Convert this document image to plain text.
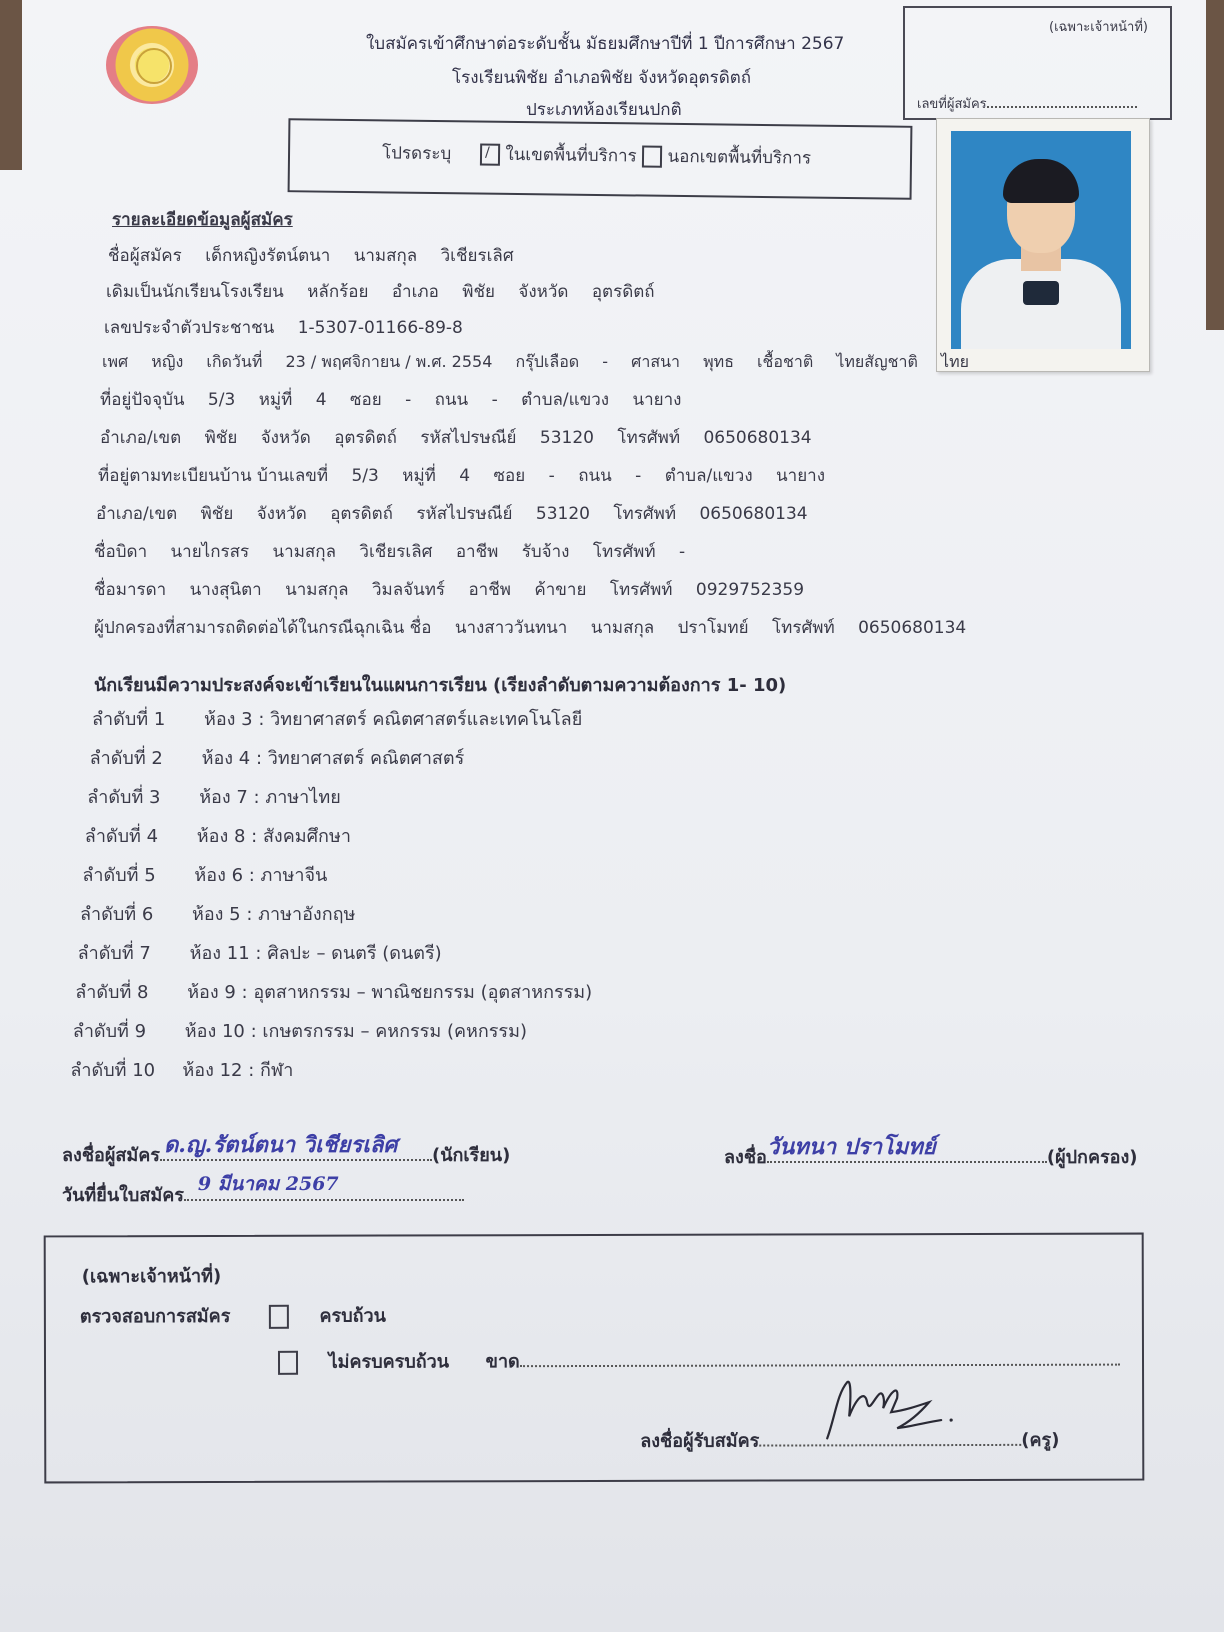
ใบสมัครเข้าศึกษาต่อระดับชั้น มัธยมศึกษาปีที่ 1 ปีการศึกษา 2567
โรงเรียนพิชัย อำเภอพิชัย จังหวัดอุตรดิตถ์
ประเภทห้องเรียนปกติ
(เฉพาะเจ้าหน้าที่)
เลขที่ผู้สมัคร
โปรดระบุ / ในเขตพื้นที่บริการ นอกเขตพื้นที่บริการ
รายละเอียดข้อมูลผู้สมัคร
ชื่อผู้สมัคร เด็กหญิงรัตน์ตนา นามสกุล วิเชียรเลิศ
เดิมเป็นนักเรียนโรงเรียน หลักร้อย อำเภอ พิชัย จังหวัด อุตรดิตถ์
เลขประจำตัวประชาชน 1-5307-01166-89-8
เพศ หญิง เกิดวันที่ 23 / พฤศจิกายน / พ.ศ. 2554 กรุ๊ปเลือด - ศาสนา พุทธ เชื้อชาติ ไทยสัญชาติ ไทย
ที่อยู่ปัจจุบัน 5/3 หมู่ที่ 4 ซอย - ถนน - ตำบล/แขวง นายาง
อำเภอ/เขต พิชัย จังหวัด อุตรดิตถ์ รหัสไปรษณีย์ 53120 โทรศัพท์ 0650680134
ที่อยู่ตามทะเบียนบ้าน บ้านเลขที่ 5/3 หมู่ที่ 4 ซอย - ถนน - ตำบล/แขวง นายาง
อำเภอ/เขต พิชัย จังหวัด อุตรดิตถ์ รหัสไปรษณีย์ 53120 โทรศัพท์ 0650680134
ชื่อบิดา นายไกรสร นามสกุล วิเชียรเลิศ อาชีพ รับจ้าง โทรศัพท์ -
ชื่อมารดา นางสุนิตา นามสกุล วิมลจันทร์ อาชีพ ค้าขาย โทรศัพท์ 0929752359
ผู้ปกครองที่สามารถติดต่อได้ในกรณีฉุกเฉิน ชื่อ นางสาววันทนา นามสกุล ปราโมทย์ โทรศัพท์ 0650680134
นักเรียนมีความประสงค์จะเข้าเรียนในแผนการเรียน (เรียงลำดับตามความต้องการ 1- 10)
ลำดับที่ 1 ห้อง 3 : วิทยาศาสตร์ คณิตศาสตร์และเทคโนโลยี
ลำดับที่ 2 ห้อง 4 : วิทยาศาสตร์ คณิตศาสตร์
ลำดับที่ 3 ห้อง 7 : ภาษาไทย
ลำดับที่ 4 ห้อง 8 : สังคมศึกษา
ลำดับที่ 5 ห้อง 6 : ภาษาจีน
ลำดับที่ 6 ห้อง 5 : ภาษาอังกฤษ
ลำดับที่ 7 ห้อง 11 : ศิลปะ – ดนตรี (ดนตรี)
ลำดับที่ 8 ห้อง 9 : อุตสาหกรรม – พาณิชยกรรม (อุตสาหกรรม)
ลำดับที่ 9 ห้อง 10 : เกษตรกรรม – คหกรรม (คหกรรม)
ลำดับที่ 10 ห้อง 12 : กีฬา
ลงชื่อผู้สมัคร ด.ญ.รัตน์ตนา วิเชียรเลิศ (นักเรียน)
วันที่ยื่นใบสมัคร
9 มีนาคม 2567
ลงชื่อ วันทนา ปราโมทย์	(ผู้ปกครอง)
(เฉพาะเจ้าหน้าที่)
ตรวจสอบการสมัคร	ครบถ้วน
ไม่ครบครบถ้วน ขาด
ลงชื่อผู้รับสมัคร	(ครู)
